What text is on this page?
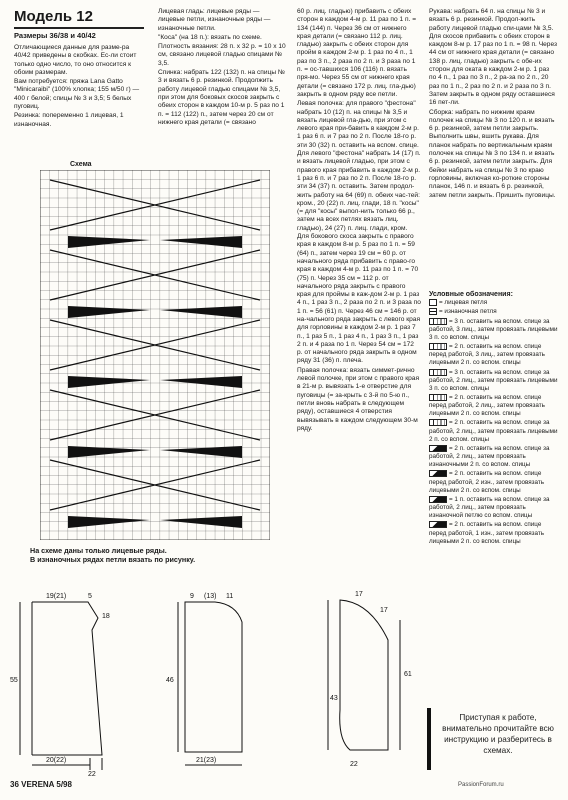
Модель 12
Размеры 36/38 и 40/42

Отличающиеся данные для разме-ра 40/42 приведены в скобках. Ес-ли стоит только одно число, то оно относится к обоим размерам.

Вам потребуется: пряжа Lana Gatto "Minicaraibi" (100% хлопка; 155 м/50 г) — 400 г белой; спицы № 3 и 3,5; 5 белых пуговиц.

Резинка: попеременно 1 лицевая, 1 изнаночная.

Лицевая гладь: лицевые ряды — лицевые петли, изнаночные ряды — изнаночные петли.

"Коса" (на 18 п.): вязать по схеме.

Плотность вязания: 28 п. х 32 р. = 10 х 10 см, связано лицевой гладью спицами № 3,5.

Спинка: набрать 122 (132) п. на спицы № 3 и вязать 6 р. резинкой. Продолжить работу лицевой гладью спицами № 3,5, при этом для боковых скосов закрыть с обеих сторон в каждом 10-м р. 5 раз по 1 п. = 112 (122) п., затем через 20 см от нижнего края детали (= связано

60 р. лиц. гладью) прибавить с обеих сторон в каждом 4-м р. 11 раз по 1 п. = 134 (144) п. Через 36 см от нижнего края детали (= связано 112 р. лиц. гладью) закрыть с обеих сторон для пройм в каждом 2-м р. 1 раз по 4 п., 1 раз по 3 п., 2 раза по 2 п. и 3 раза по 1 п. = ос-тавшихся 106 (116) п. вязать пря-мо. Через 55 см от нижнего края детали (= связано 172 р. лиц. гла-дью) закрыть в одном ряду все петли.

Левая полочка: для правого "фестона" набрать 10 (12) п. на спицы № 3,5 и вязать лицевой гла-дью, при этом с левого края при-бавить в каждом 2-м р. 1 раз 6 п. и 7 раз по 2 п. После 18-го р. эти 30 (32) п. оставить на вспом. спице. Для левого "фестона" набрать 14 (17) п. и вязать лицевой гладью, при этом с правого края прибавить в каждом 2-м р. 1 раз 6 п. и 7 раз по 2 п. После 18-го р. эти 34 (37) п. оставить. Затем продол-жить работу на 64 (69) п. обеих час-тей: кром., 20 (22) п. лиц. глади, 18 п. "косы" (= для "косы" выпол-нить только 66 р., затем на всех петлях вязать лиц. гладью), 24 (27) п. лиц. глади, кром. Для бокового скоса закрыть с правого края в каждом 8-м р. 5 раз по 1 п. = 59 (64) п., затем через 19 см = 60 р. от начального ряда прибавить с право-го края в каждом 4-м р. 11 раз по 1 п. = 70 (75) п. Через 35 см = 112 р. от начального ряда закрыть с правого края для проймы в каж-дом 2-м р. 1 раз 4 п., 1 раз 3 п., 2 раза по 2 п. и 3 раза по 1 п. = 56 (61) п. Через 46 см = 146 р. от на-чального ряда закрыть с левого края для горловины в каждом 2-м р. 1 раз 7 п., 1 раз 5 п., 1 раз 4 п., 1 раз 3 п., 1 раз 2 п. и 4 раза по 1 п. Через 54 см = 172 р. от начального ряда закрыть в одном ряду 31 (36) п. плеча.

Правая полочка: вязать симмет-рично левой полочке, при этом с правого края в 21-м р. вывязать 1-е отверстие для пуговицы (= за-крыть с 3-й по 5-ю п., петли вновь набрать в следующем ряду), оставшиеся 4 отверстия вывязывать в каждом следующем 30-м ряду.

Рукава: набрать 64 п. на спицы № 3 и вязать 6 р. резинкой. Продол-жить работу лицевой гладью спи-цами № 3,5. Для скосов прибавить с обеих сторон в каждом 8-м р. 17 раз по 1 п. = 98 п. Через 44 см от нижнего края детали (= связано 138 р. лиц. гладью) закрыть с обе-их сторон для оката в каждом 2-м р. 1 раз по 4 п., 1 раз по 3 п., 2 ра-за по 2 п., 20 раз по 1 п., 2 раз по 2 п. и 2 раза по 3 п. Затем закрыть в одном ряду оставшиеся 16 пет-ли.

Сборка: набрать по нижним краям полочек на спицы № 3 по 120 п. и вязать 6 р. резинкой, затем петли закрыть. Выполнить швы, вшить рукава. Для планок набрать по вертикальным краям полочек на спицы № 3 по 134 п. и вязать 6 р. резинкой, затем петли закрыть. Для бейки набрать на спицы № 3 по краю горловины, включая ко-роткие стороны планок, 146 п. и вязать 6 р. резинкой, затем петли закрыть. Пришить пуговицы.

Схема
На схеме даны только лицевые ряды.
В изнаночных рядах петли вязать по рисунку.
19(21)	5
18
55
20(22)
22
9 (13) 11
46
21(23)
17
17
61
43
22
Условные обозначения:
= лицевая петля
= изнаночная петля
= 3 п. оставить на вспом. спице за работой, 3 лиц., затем провязать лицевыми 3 п. со вспом. спицы
= 2 п. оставить на вспом. спице перед работой, 3 лиц., затем провязать лицевыми 2 п. со вспом. спицы
= 3 п. оставить на вспом. спице за работой, 2 лиц., затем провязать лицевыми 3 п. со вспом. спицы
= 2 п. оставить на вспом. спице перед работой, 2 лиц., затем провязать лицевыми 2 п. со вспом. спицы
= 2 п. оставить на вспом. спице за работой, 2 лиц., затем провязать лицевыми 2 п. со вспом. спицы
= 2 п. оставить на вспом. спице за работой, 2 лиц., затем провязать изнаночными 2 п. со вспом. спицы
= 2 п. оставить на вспом. спице перед работой, 2 изн., затем провязать лицевыми 2 п. со вспом. спицы
= 1 п. оставить на вспом. спице за работой, 2 лиц., затем провязать изнаночной петлю со вспом. спицы
= 2 п. оставить на вспом. спице перед работой, 1 изн., затем провязать лицевыми 2 п. со вспом. спицы
Приступая к работе, внимательно прочитайте всю инструкцию и разберитесь в схемах.
36 VERENA 5/98	PassionForum.ru
